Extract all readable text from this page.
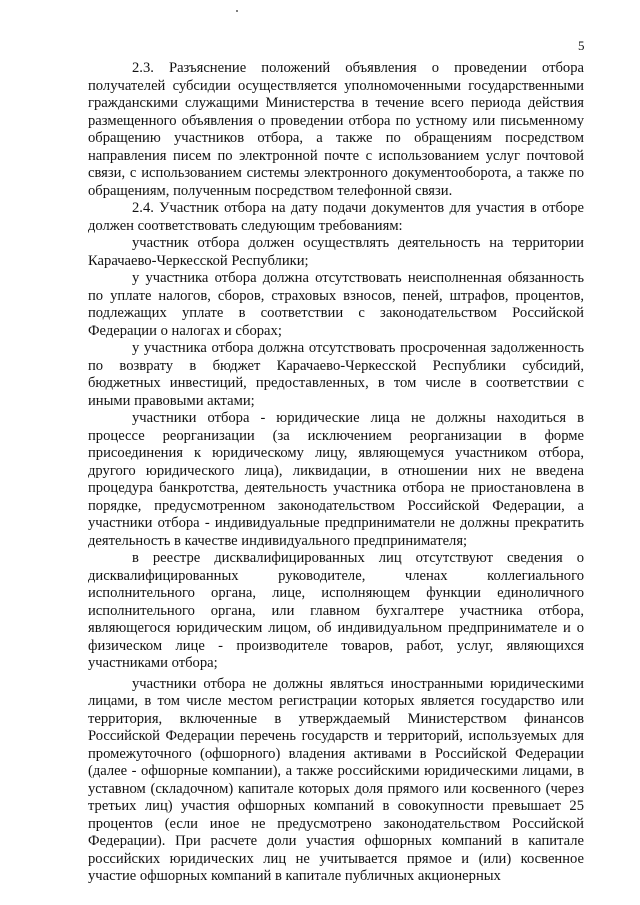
5

2.3. Разъяснение положений объявления о проведении отбора получателей субсидии осуществляется уполномоченными государственными гражданскими служащими Министерства в течение всего периода действия размещенного объявления о проведении отбора по устному или письменному обращению участников отбора, а также по обращениям посредством направления писем по электронной почте с использованием услуг почтовой связи, с использованием системы электронного документооборота, а также по обращениям, полученным посредством телефонной связи.

2.4. Участник отбора на дату подачи документов для участия в отборе должен соответствовать следующим требованиям:

участник отбора должен осуществлять деятельность на территории Карачаево-Черкесской Республики;

у участника отбора должна отсутствовать неисполненная обязанность по уплате налогов, сборов, страховых взносов, пеней, штрафов, процентов, подлежащих уплате в соответствии с законодательством Российской Федерации о налогах и сборах;

у участника отбора должна отсутствовать просроченная задолженность по возврату в бюджет Карачаево-Черкесской Республики субсидий, бюджетных инвестиций, предоставленных, в том числе в соответствии с иными правовыми актами;

участники отбора - юридические лица не должны находиться в процессе реорганизации (за исключением реорганизации в форме присоединения к юридическому лицу, являющемуся участником отбора, другого юридического лица), ликвидации, в отношении них не введена процедура банкротства, деятельность участника отбора не приостановлена в порядке, предусмотренном законодательством Российской Федерации, а участники отбора - индивидуальные предприниматели не должны прекратить деятельность в качестве индивидуального предпринимателя;

в реестре дисквалифицированных лиц отсутствуют сведения о дисквалифицированных руководителе, членах коллегиального исполнительного органа, лице, исполняющем функции единоличного исполнительного органа, или главном бухгалтере участника отбора, являющегося юридическим лицом, об индивидуальном предпринимателе и о физическом лице - производителе товаров, работ, услуг, являющихся участниками отбора;

участники отбора не должны являться иностранными юридическими лицами, в том числе местом регистрации которых является государство или территория, включенные в утверждаемый Министерством финансов Российской Федерации перечень государств и территорий, используемых для промежуточного (офшорного) владения активами в Российской Федерации (далее - офшорные компании), а также российскими юридическими лицами, в уставном (складочном) капитале которых доля прямого или косвенного (через третьих лиц) участия офшорных компаний в совокупности превышает 25 процентов (если иное не предусмотрено законодательством Российской Федерации). При расчете доли участия офшорных компаний в капитале российских юридических лиц не учитывается прямое и (или) косвенное участие офшорных компаний в капитале публичных акционерных
